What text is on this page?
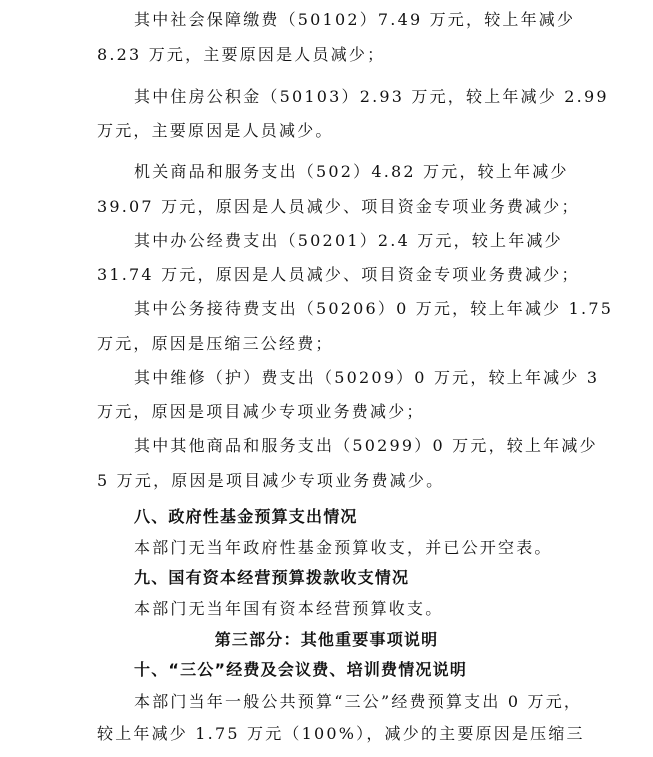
其中社会保障缴费（50102）7.49 万元，较上年减少

8.23 万元，主要原因是人员减少；

其中住房公积金（50103）2.93 万元，较上年减少 2.99

万元，主要原因是人员减少。

机关商品和服务支出（502）4.82 万元，较上年减少

39.07 万元，原因是人员减少、项目资金专项业务费减少；

其中办公经费支出（50201）2.4 万元，较上年减少

31.74 万元，原因是人员减少、项目资金专项业务费减少；

其中公务接待费支出（50206）0 万元，较上年减少 1.75

万元，原因是压缩三公经费；

其中维修（护）费支出（50209）0 万元，较上年减少 3

万元，原因是项目减少专项业务费减少；

其中其他商品和服务支出（50299）0 万元，较上年减少

5 万元，原因是项目减少专项业务费减少。

八、政府性基金预算支出情况

本部门无当年政府性基金预算收支，并已公开空表。

九、国有资本经营预算拨款收支情况

本部门无当年国有资本经营预算收支。

第三部分：其他重要事项说明
十、“三公”经费及会议费、培训费情况说明

本部门当年一般公共预算“三公”经费预算支出 0 万元，

较上年减少 1.75 万元（100%），减少的主要原因是压缩三
